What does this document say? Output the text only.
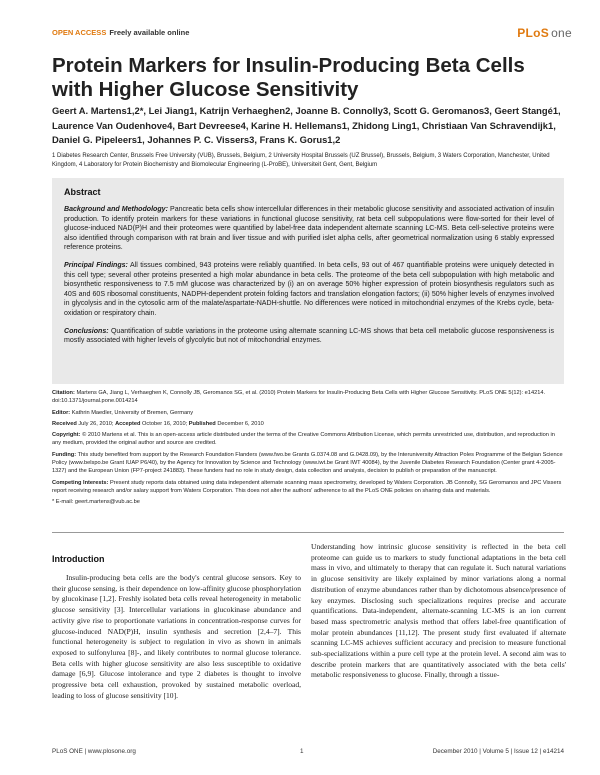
OPEN ACCESS Freely available online	PLoS one
Protein Markers for Insulin-Producing Beta Cells with Higher Glucose Sensitivity
Geert A. Martens1,2*, Lei Jiang1, Katrijn Verhaeghen2, Joanne B. Connolly3, Scott G. Geromanos3, Geert Stangé1, Laurence Van Oudenhove4, Bart Devreese4, Karine H. Hellemans1, Zhidong Ling1, Christiaan Van Schravendijk1, Daniel G. Pipeleers1, Johannes P. C. Vissers3, Frans K. Gorus1,2
1 Diabetes Research Center, Brussels Free University (VUB), Brussels, Belgium, 2 University Hospital Brussels (UZ Brussel), Brussels, Belgium, 3 Waters Corporation, Manchester, United Kingdom, 4 Laboratory for Protein Biochemistry and Biomolecular Engineering (L-ProBE), Universiteit Gent, Gent, Belgium
Abstract

Background and Methodology: Pancreatic beta cells show intercellular differences in their metabolic glucose sensitivity and associated activation of insulin production. To identify protein markers for these variations in functional glucose sensitivity, rat beta cell subpopulations were flow-sorted for their level of glucose-induced NAD(P)H and their proteomes were quantified by label-free data independent alternate scanning LC-MS. Beta cell-selective proteins were also identified through comparison with rat brain and liver tissue and with purified islet alpha cells, after geometrical normalization using 6 stably expressed reference proteins.

Principal Findings: All tissues combined, 943 proteins were reliably quantified. In beta cells, 93 out of 467 quantifiable proteins were uniquely detected in this cell type; several other proteins presented a high molar abundance in beta cells. The proteome of the beta cell subpopulation with high metabolic and biosynthetic responsiveness to 7.5 mM glucose was characterized by (i) an on average 50% higher expression of protein biosynthesis regulators such as 40S and 60S ribosomal constituents, NADPH-dependent protein folding factors and translation elongation factors; (ii) 50% higher levels of enzymes involved in glycolysis and in the cytosolic arm of the malate/aspartate-NADH-shuttle. No differences were noticed in mitochondrial enzymes of the Krebs cycle, beta-oxidation or respiratory chain.

Conclusions: Quantification of subtle variations in the proteome using alternate scanning LC-MS shows that beta cell metabolic glucose responsiveness is mostly associated with higher levels of glycolytic but not of mitochondrial enzymes.

Citation: Martens GA, Jiang L, Verhaeghen K, Connolly JB, Geromanos SG, et al. (2010) Protein Markers for Insulin-Producing Beta Cells with Higher Glucose Sensitivity. PLoS ONE 5(12): e14214. doi:10.1371/journal.pone.0014214

Editor: Kathrin Maedler, University of Bremen, Germany

Received July 26, 2010; Accepted October 16, 2010; Published December 6, 2010

Copyright: © 2010 Martens et al. This is an open-access article distributed under the terms of the Creative Commons Attribution License, which permits unrestricted use, distribution, and reproduction in any medium, provided the original author and source are credited.

Funding: This study benefited from support by the Research Foundation Flanders (www.fwo.be Grants G.0374.08 and G.0428.09), by the Interuniversity Attraction Poles Programme of the Belgian Science Policy (www.belspo.be Grant IUAP P6/40), by the Agency for Innovation by Science and Technology (www.iwt.be Grant IWT 40084), by the Juvenile Diabetes Research Foundation (Center grant 4-2005-1327) and the European Union (FP7-project 241883). These funders had no role in study design, data collection and analysis, decision to publish or preparation of the manuscript.

Competing Interests: Present study reports data obtained using data independent alternate scanning mass spectrometry, developed by Waters Corporation. JB Connolly, SG Geromanos and JPC Vissers report receiving research and/or salary support from Waters Corporation. This does not alter the authors' adherence to all the PLoS ONE policies on sharing data and materials.

* E-mail: geert.martens@vub.ac.be

Introduction

Insulin-producing beta cells are the body's central glucose sensors. Key to their glucose sensing, is their dependence on low-affinity glucose phosphorylation by glucokinase [1,2]. Freshly isolated beta cells reveal heterogeneity in metabolic glucose sensitivity [3]. Intercellular variations in glucokinase abundance and activity give rise to proportionate variations in concentration-response curves for glucose-induced NAD(P)H, insulin synthesis and secretion [2,4–7]. This functional heterogeneity is subject to regulation in vivo as shown in animals exposed to sulfonylurea [8]-, and likely contributes to normal glucose tolerance. Beta cells with higher glucose sensitivity are also less susceptible to oxidative damage [6,9]. Glucose intolerance and type 2 diabetes is thought to involve progressive beta cell exhaustion, provoked by sustained metabolic overload, leading to loss of glucose sensitivity [10].

Understanding how intrinsic glucose sensitivity is reflected in the beta cell proteome can guide us to markers to study functional adaptations in the beta cell mass in vivo, and ultimately to therapy that can regulate it. Such natural variations in glucose sensitivity are likely explained by minor variations along a normal distribution of enzyme abundances rather than by dichotomous absence/presence of key enzymes. Disclosing such specializations requires precise and accurate quantifications. Data-independent, alternate-scanning LC-MS is an ion current based mass spectrometric analysis method that offers label-free quantification of molar protein abundances [11,12]. The present study first evaluated if alternate scanning LC-MS achieves sufficient accuracy and precision to measure functional sub-specializations within a pure cell type at the protein level. A second aim was to describe protein markers that are quantitatively associated with the beta cells' metabolic responsiveness to glucose. Finally, through a tissue-

PLoS ONE | www.plosone.org	1	December 2010 | Volume 5 | Issue 12 | e14214
